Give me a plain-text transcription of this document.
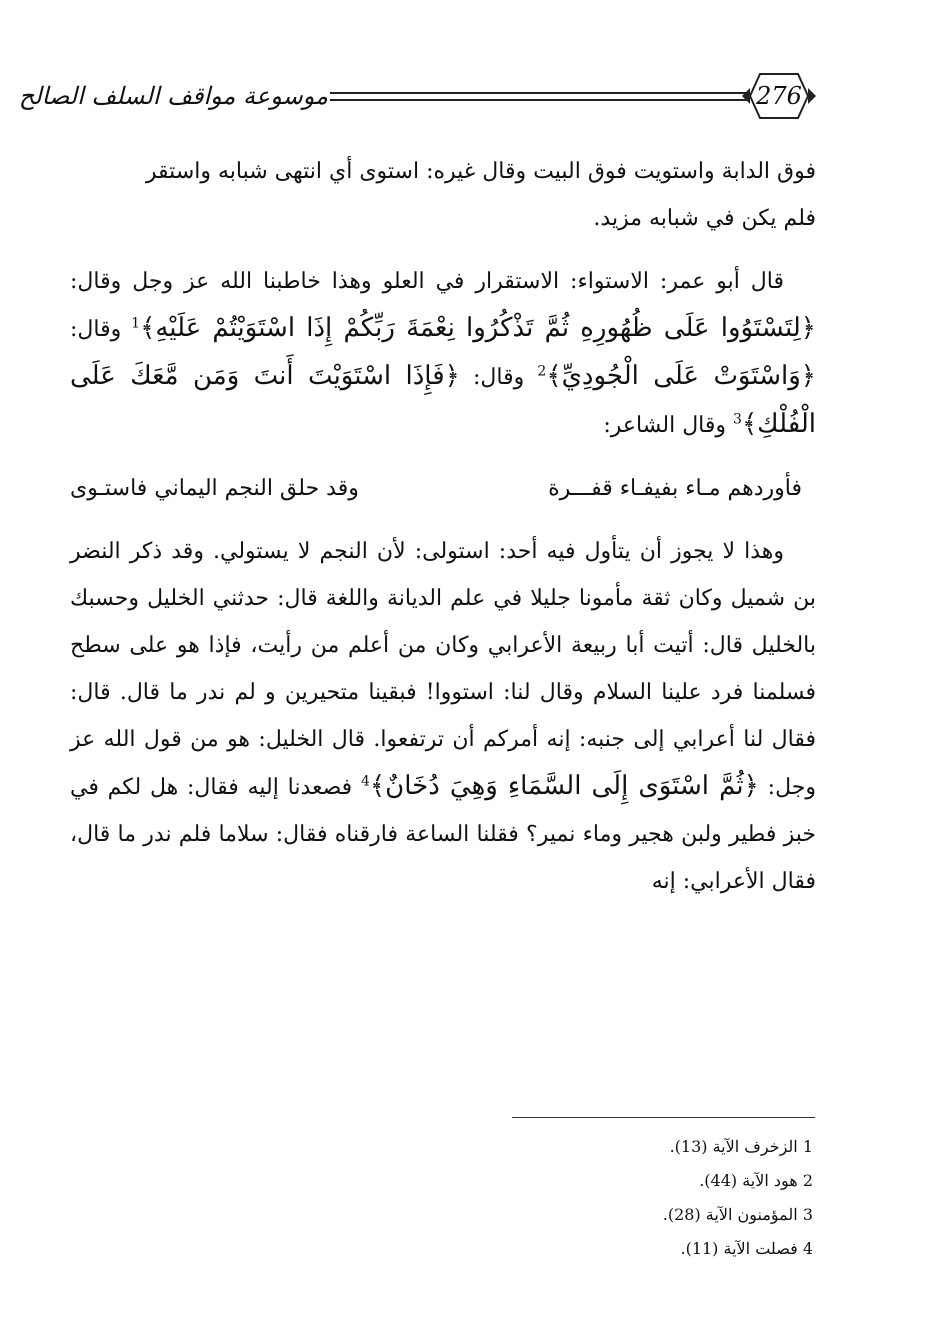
موسوعة مواقف السلف الصالح	276

فوق الدابة واستويت فوق البيت وقال غيره: استوى أي انتهى شبابه واستقر
فلم يكن في شبابه مزيد.

قال أبو عمر: الاستواء: الاستقرار في العلو وهذا خاطبنا الله عز وجل وقال: ﴿لِتَسْتَوُوا عَلَى ظُهُورِهِ ثُمَّ تَذْكُرُوا نِعْمَةَ رَبِّكُمْ إِذَا اسْتَوَيْتُمْ عَلَيْهِ﴾$^1$ وقال: ﴿وَاسْتَوَتْ عَلَى الْجُودِيِّ﴾$^2$ وقال: ﴿فَإِذَا اسْتَوَيْتَ أَنتَ وَمَن مَّعَكَ عَلَى الْفُلْكِ﴾$^3$ وقال الشاعر:

فأوردهم مـاء بفيفـاء قفـــرة
وقد حلق النجم اليماني فاستـوى

وهذا لا يجوز أن يتأول فيه أحد: استولى: لأن النجم لا يستولي. وقد ذكر النضر بن شميل وكان ثقة مأمونا جليلا في علم الديانة واللغة قال: حدثني الخليل وحسبك بالخليل قال: أتيت أبا ربيعة الأعرابي وكان من أعلم من رأيت، فإذا هو على سطح فسلمنا فرد علينا السلام وقال لنا: استووا! فبقينا متحيرين و لم ندر ما قال. قال: فقال لنا أعرابي إلى جنبه: إنه أمركم أن ترتفعوا. قال الخليل: هو من قول الله عز وجل: ﴿ثُمَّ اسْتَوَى إِلَى السَّمَاءِ وَهِيَ دُخَانٌ﴾$^4$ فصعدنا إليه فقال: هل لكم في خبز فطير ولبن هجير وماء نمير؟ فقلنا الساعة فارقناه فقال: سلاما فلم ندر ما قال، فقال الأعرابي: إنه

1 الزخرف الآية (13).
2 هود الآية (44).
3 المؤمنون الآية (28).
4 فصلت الآية (11).
